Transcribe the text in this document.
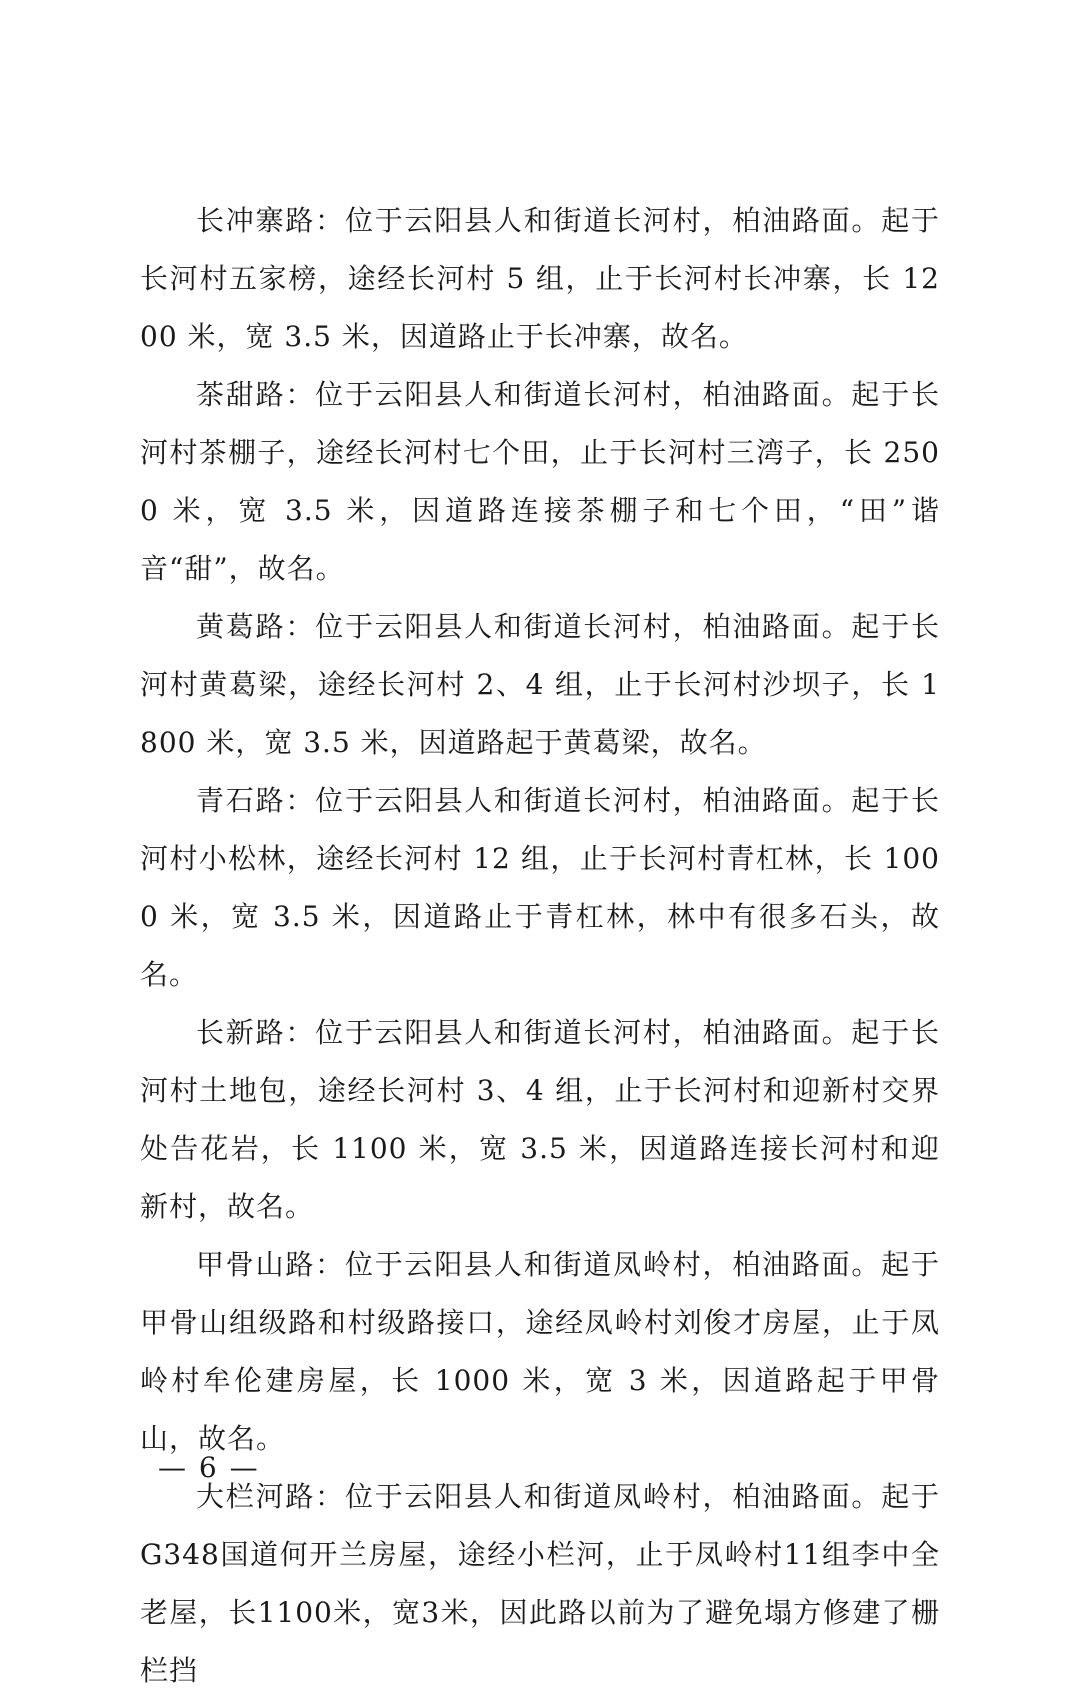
长冲寨路：位于云阳县人和街道长河村，柏油路面。起于长河村五家榜，途经长河村 5 组，止于长河村长冲寨，长 1200 米，宽 3.5 米，因道路止于长冲寨，故名。

茶甜路：位于云阳县人和街道长河村，柏油路面。起于长河村茶棚子，途经长河村七个田，止于长河村三湾子，长 2500 米，宽 3.5 米，因道路连接茶棚子和七个田，“田”谐音“甜”，故名。

黄葛路：位于云阳县人和街道长河村，柏油路面。起于长河村黄葛梁，途经长河村 2、4 组，止于长河村沙坝子，长 1800 米，宽 3.5 米，因道路起于黄葛梁，故名。

青石路：位于云阳县人和街道长河村，柏油路面。起于长河村小松林，途经长河村 12 组，止于长河村青杠林，长 1000 米，宽 3.5 米，因道路止于青杠林，林中有很多石头，故名。

长新路：位于云阳县人和街道长河村，柏油路面。起于长河村土地包，途经长河村 3、4 组，止于长河村和迎新村交界处告花岩，长 1100 米，宽 3.5 米，因道路连接长河村和迎新村，故名。

甲骨山路：位于云阳县人和街道凤岭村，柏油路面。起于甲骨山组级路和村级路接口，途经凤岭村刘俊才房屋，止于凤岭村牟伦建房屋，长 1000 米，宽 3 米，因道路起于甲骨山，故名。

大栏河路：位于云阳县人和街道凤岭村，柏油路面。起于G348国道何开兰房屋，途经小栏河，止于凤岭村11组李中全老屋，长1100米，宽3米，因此路以前为了避免塌方修建了栅栏挡

— 6 —
